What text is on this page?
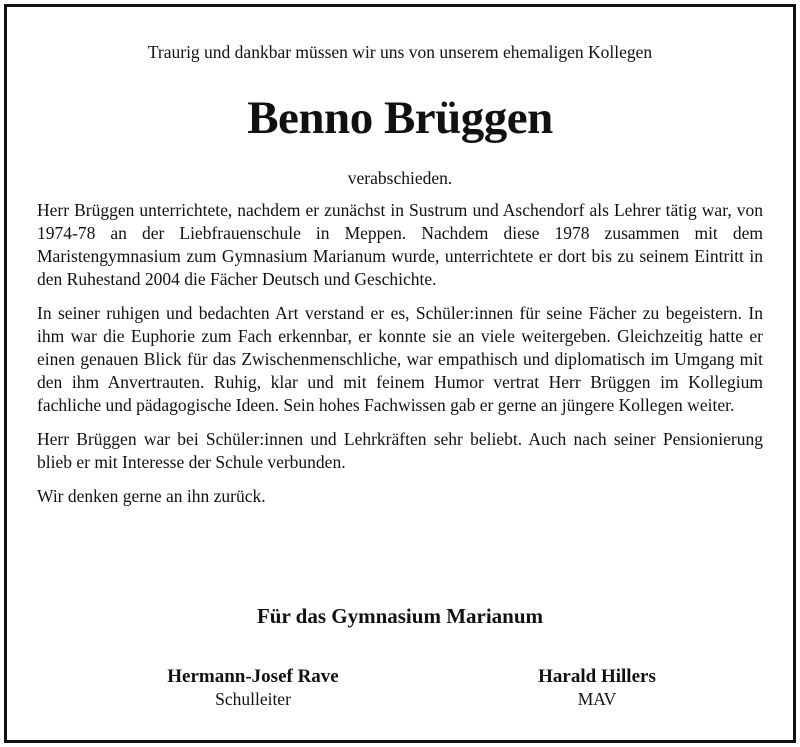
Traurig und dankbar müssen wir uns von unserem ehemaligen Kollegen
Benno Brüggen
verabschieden.

Herr Brüggen unterrichtete, nachdem er zunächst in Sustrum und Aschendorf als Lehrer tätig war, von 1974-78 an der Liebfrauenschule in Meppen. Nachdem diese 1978 zusammen mit dem Maristengymnasium zum Gymnasium Marianum wurde, unterrichtete er dort bis zu seinem Eintritt in den Ruhestand 2004 die Fächer Deutsch und Geschichte.

In seiner ruhigen und bedachten Art verstand er es, Schüler:innen für seine Fächer zu begeistern. In ihm war die Euphorie zum Fach erkennbar, er konnte sie an viele weitergeben. Gleichzeitig hatte er einen genauen Blick für das Zwischenmenschliche, war empathisch und diplomatisch im Umgang mit den ihm Anvertrauten. Ruhig, klar und mit feinem Humor vertrat Herr Brüggen im Kollegium fachliche und pädagogische Ideen. Sein hohes Fachwissen gab er gerne an jüngere Kollegen weiter.

Herr Brüggen war bei Schüler:innen und Lehrkräften sehr beliebt. Auch nach seiner Pensionierung blieb er mit Interesse der Schule verbunden.

Wir denken gerne an ihn zurück.

Für das Gymnasium Marianum
Hermann-Josef Rave
Schulleiter
Harald Hillers
MAV
